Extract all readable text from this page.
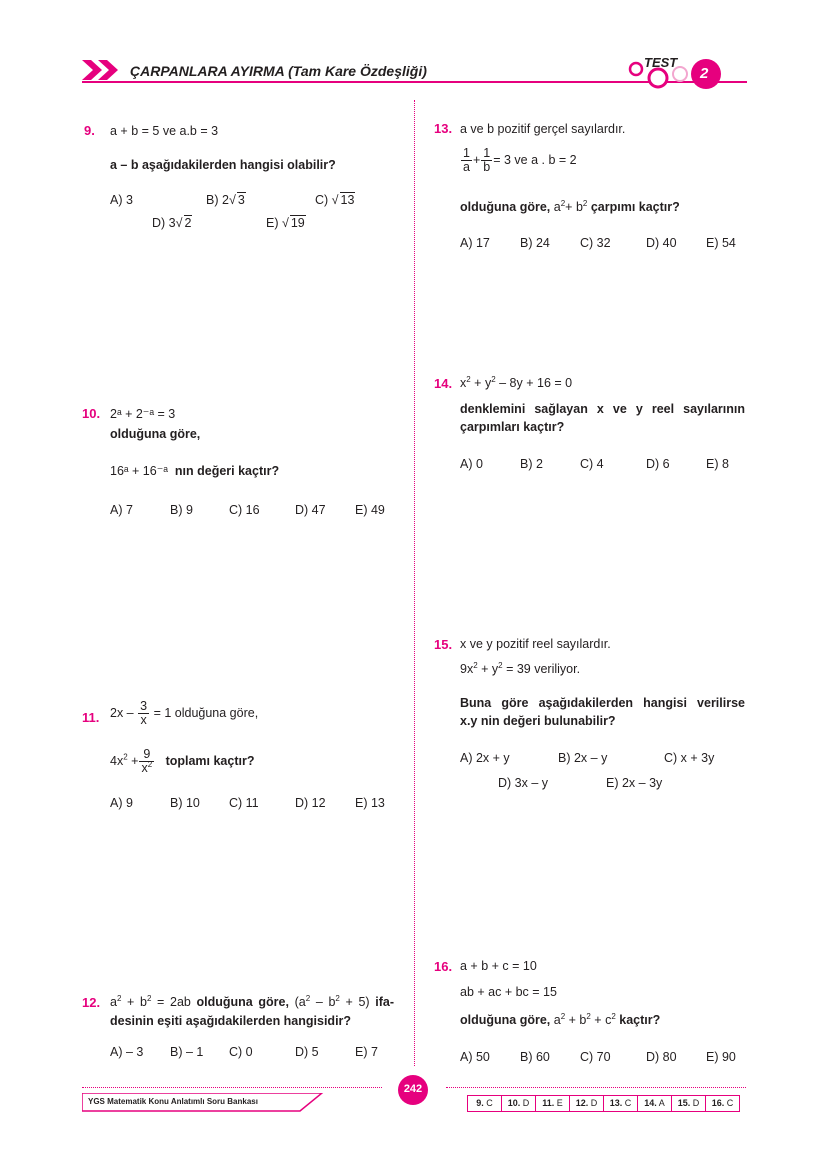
ÇARPANLARA AYIRMA (Tam Kare Özdeşliği)
TEST
2
9. a + b = 5 ve a.b = 3
a – b aşağıdakilerden hangisi olabilir?
A) 3	B) 2√ 3	C) √ 13
D) 3√ 2	E) √ 19
10. 2ᵃ + 2⁻ᵃ = 3
olduğuna göre,
16ᵃ + 16⁻ᵃ nın değeri kaçtır?
A) 7	B) 9	C) 16	D) 47 E) 49
11. $2x - \frac{3}{x} = 1$ olduğuna göre,
$4x^2 + \frac{9}{x^2}$ toplamı kaçtır?
A) 9	B) 10 C) 11	D) 12 E) 13
12. $a^2 + b^2 = 2ab$ olduğuna göre, $(a^2 - b^2 + 5)$ ifa-
desinin eşiti aşağıdakilerden hangisidir?
A) – 3 B) – 1 C) 0	D) 5	E) 7
13. a ve b pozitif gerçel sayılardır.
$\frac{1}{a} + \frac{1}{b} = 3$ ve a . b = 2
olduğuna göre, $a^2+ b^2$ çarpımı kaçtır?
A) 17 B) 24 C) 32	D) 40 E) 54
14. $x^2 + y^2 - 8y + 16 = 0$
denklemini sağlayan x ve y reel sayılarının
çarpımları kaçtır?
A) 0	B) 2	C) 4	D) 6	E) 8
15. x ve y pozitif reel sayılardır.
$9x^2 + y^2 = 39$ veriliyor.
Buna göre aşağıdakilerden hangisi verilirse
x.y nin değeri bulunabilir?
A) 2x + y	B) 2x – y	C) x + 3y
D) 3x – y	E) 2x – 3y
16. a + b + c = 10
ab + ac + bc = 15
olduğuna göre, $a^2 + b^2 + c^2$ kaçtır?
A) 50 B) 60 C) 70	D) 80 E) 90
YGS Matematik Konu Anlatımlı Soru Bankası
242
9. C	10. D	11. E	12. D	13. C	14. A	15. D	16. C
